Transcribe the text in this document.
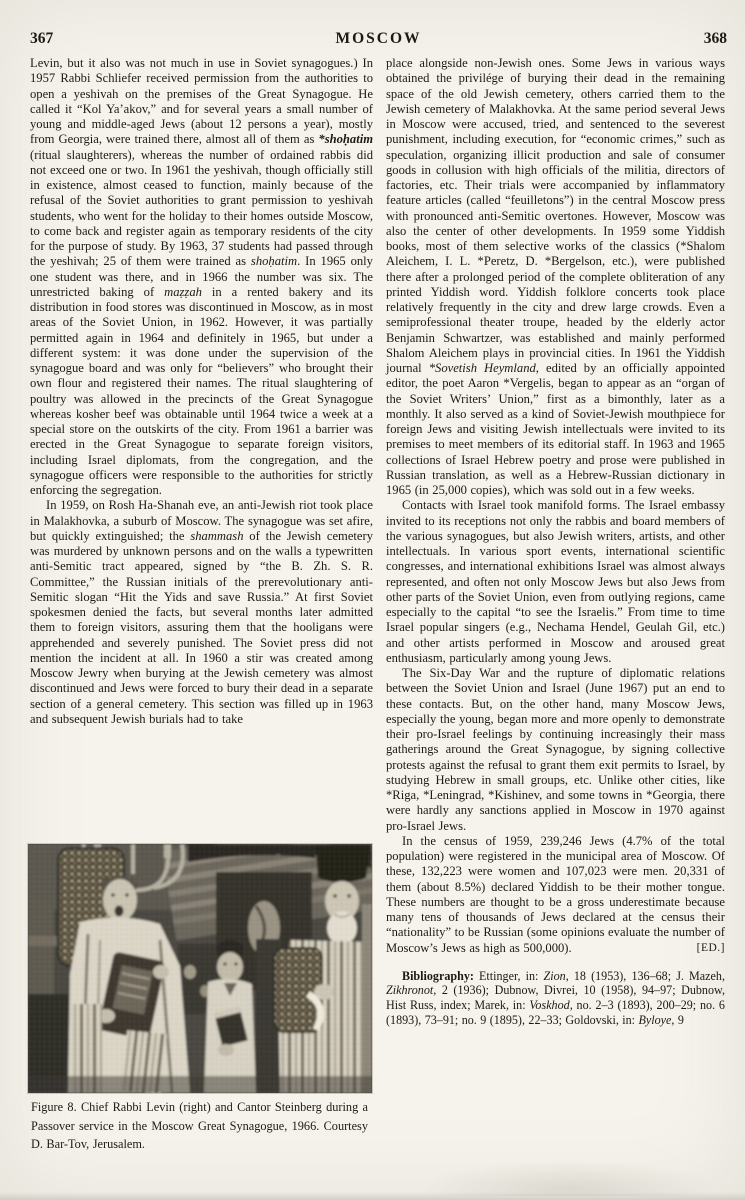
367	MOSCOW	368

Levin, but it also was not much in use in Soviet synagogues.) In 1957 Rabbi Schliefer received permission from the authorities to open a yeshivah on the premises of the Great Synagogue. He called it “Kol Ya’akov,” and for several years a small number of young and middle-aged Jews (about 12 persons a year), mostly from Georgia, were trained there, almost all of them as *shoḥatim (ritual slaughterers), whereas the number of ordained rabbis did not exceed one or two. In 1961 the yeshivah, though officially still in existence, almost ceased to function, mainly because of the refusal of the Soviet authorities to grant permission to yeshivah students, who went for the holiday to their homes outside Moscow, to come back and register again as temporary residents of the city for the purpose of study. By 1963, 37 students had passed through the yeshivah; 25 of them were trained as shoḥatim. In 1965 only one student was there, and in 1966 the number was six. The unrestricted baking of maẓẓah in a rented bakery and its distribution in food stores was discontinued in Moscow, as in most areas of the Soviet Union, in 1962. However, it was partially permitted again in 1964 and definitely in 1965, but under a different system: it was done under the supervision of the synagogue board and was only for “believers” who brought their own flour and registered their names. The ritual slaughtering of poultry was allowed in the precincts of the Great Synagogue whereas kosher beef was obtainable until 1964 twice a week at a special store on the outskirts of the city. From 1961 a barrier was erected in the Great Synagogue to separate foreign visitors, including Israel diplomats, from the congregation, and the synagogue officers were responsible to the authorities for strictly enforcing the segregation.

In 1959, on Rosh Ha-Shanah eve, an anti-Jewish riot took place in Malakhovka, a suburb of Moscow. The synagogue was set afire, but quickly extinguished; the shammash of the Jewish cemetery was murdered by unknown persons and on the walls a typewritten anti-Semitic tract appeared, signed by “the B. Zh. S. R. Committee,” the Russian initials of the prerevolutionary anti-Semitic slogan “Hit the Yids and save Russia.” At first Soviet spokesmen denied the facts, but several months later admitted them to foreign visitors, assuring them that the hooligans were apprehended and severely punished. The Soviet press did not mention the incident at all. In 1960 a stir was created among Moscow Jewry when burying at the Jewish cemetery was almost discontinued and Jews were forced to bury their dead in a separate section of a general cemetery. This section was filled up in 1963 and subsequent Jewish burials had to take

place alongside non-Jewish ones. Some Jews in various ways obtained the privilége of burying their dead in the remaining space of the old Jewish cemetery, others carried them to the Jewish cemetery of Malakhovka. At the same period several Jews in Moscow were accused, tried, and sentenced to the severest punishment, including execution, for “economic crimes,” such as speculation, organizing illicit production and sale of consumer goods in collusion with high officials of the militia, directors of factories, etc. Their trials were accompanied by inflammatory feature articles (called “feuilletons”) in the central Moscow press with pronounced anti-Semitic overtones. However, Moscow was also the center of other developments. In 1959 some Yiddish books, most of them selective works of the classics (*Shalom Aleichem, I. L. *Peretz, D. *Bergelson, etc.), were published there after a prolonged period of the complete obliteration of any printed Yiddish word. Yiddish folklore concerts took place relatively frequently in the city and drew large crowds. Even a semiprofessional theater troupe, headed by the elderly actor Benjamin Schwartzer, was established and mainly performed Shalom Aleichem plays in provincial cities. In 1961 the Yiddish journal *Sovetish Heymland, edited by an officially appointed editor, the poet Aaron *Vergelis, began to appear as an “organ of the Soviet Writers’ Union,” first as a bimonthly, later as a monthly. It also served as a kind of Soviet-Jewish mouthpiece for foreign Jews and visiting Jewish intellectuals were invited to its premises to meet members of its editorial staff. In 1963 and 1965 collections of Israel Hebrew poetry and prose were published in Russian translation, as well as a Hebrew-Russian dictionary in 1965 (in 25,000 copies), which was sold out in a few weeks.

Contacts with Israel took manifold forms. The Israel embassy invited to its receptions not only the rabbis and board members of the various synagogues, but also Jewish writers, artists, and other intellectuals. In various sport events, international scientific congresses, and international exhibitions Israel was almost always represented, and often not only Moscow Jews but also Jews from other parts of the Soviet Union, even from outlying regions, came especially to the capital “to see the Israelis.” From time to time Israel popular singers (e.g., Nechama Hendel, Geulah Gil, etc.) and other artists performed in Moscow and aroused great enthusiasm, particularly among young Jews.

The Six-Day War and the rupture of diplomatic relations between the Soviet Union and Israel (June 1967) put an end to these contacts. But, on the other hand, many Moscow Jews, especially the young, began more and more openly to demonstrate their pro-Israel feelings by continuing increasingly their mass gatherings around the Great Synagogue, by signing collective protests against the refusal to grant them exit permits to Israel, by studying Hebrew in small groups, etc. Unlike other cities, like *Riga, *Leningrad, *Kishinev, and some towns in *Georgia, there were hardly any sanctions applied in Moscow in 1970 against pro-Israel Jews.

In the census of 1959, 239,246 Jews (4.7% of the total population) were registered in the municipal area of Moscow. Of these, 132,223 were women and 107,023 were men. 20,331 of them (about 8.5%) declared Yiddish to be their mother tongue. These numbers are thought to be a gross underestimate because many tens of thousands of Jews declared at the census their “nationality” to be Russian (some opinions evaluate the number of Moscow’s Jews as high as 500,000).	[ED.]

Bibliography: Ettinger, in: Zion, 18 (1953), 136–68; J. Mazeh, Zikhronot, 2 (1936); Dubnow, Divrei, 10 (1958), 94–97; Dubnow, Hist Russ, index; Marek, in: Voskhod, no. 2–3 (1893), 200–29; no. 6 (1893), 73–91; no. 9 (1895), 22–33; Goldovski, in: Byloye, 9

Figure 8. Chief Rabbi Levin (right) and Cantor Steinberg during a Passover service in the Moscow Great Synagogue, 1966. Courtesy D. Bar-Tov, Jerusalem.
